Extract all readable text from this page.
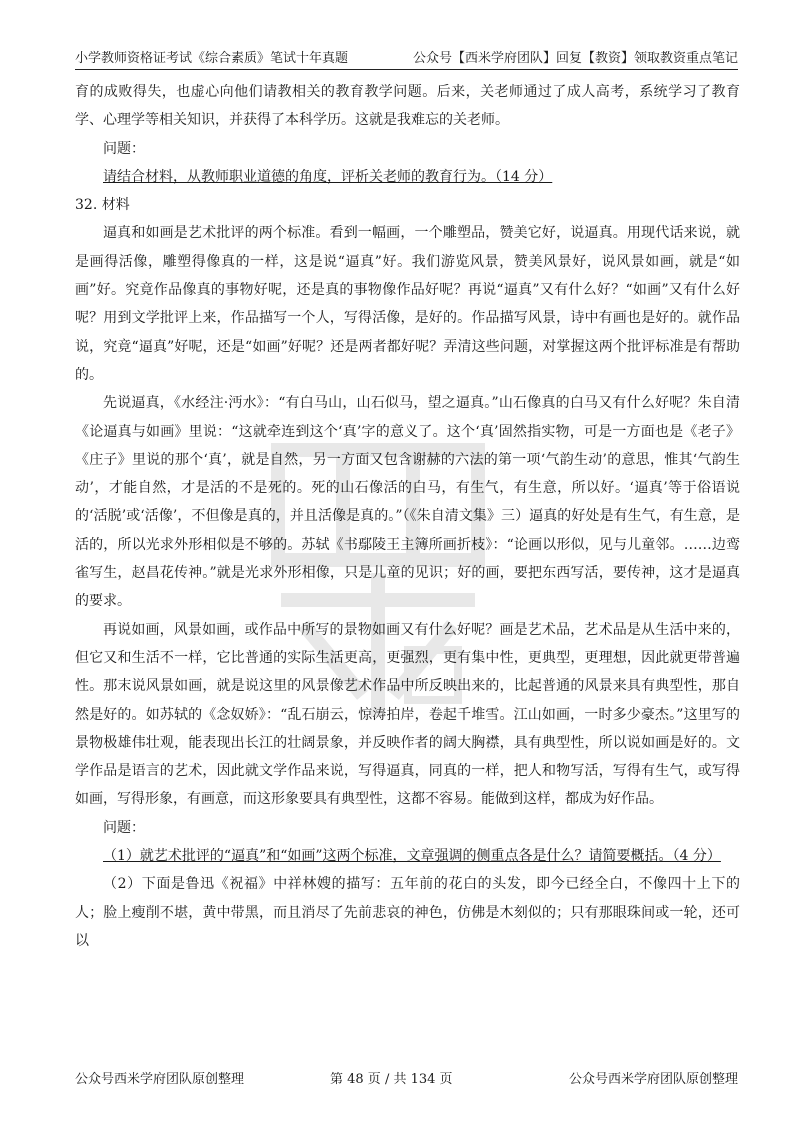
小学教师资格证考试《综合素质》笔试十年真题	公众号【西米学府团队】回复【教资】领取教资重点笔记

育的成败得失，也虚心向他们请教相关的教育教学问题。后来，关老师通过了成人高考，系统学习了教育学、心理学等相关知识，并获得了本科学历。这就是我难忘的关老师。

问题：

请结合材料，从教师职业道德的角度，评析关老师的教育行为。（14 分）

32. 材料

逼真和如画是艺术批评的两个标准。看到一幅画，一个雕塑品，赞美它好，说逼真。用现代话来说，就是画得活像，雕塑得像真的一样，这是说“逼真”好。我们游览风景，赞美风景好，说风景如画，就是“如画”好。究竟作品像真的事物好呢，还是真的事物像作品好呢？再说“逼真”又有什么好？“如画”又有什么好呢？用到文学批评上来，作品描写一个人，写得活像，是好的。作品描写风景，诗中有画也是好的。就作品说，究竟“逼真”好呢，还是“如画”好呢？还是两者都好呢？弄清这些问题，对掌握这两个批评标准是有帮助的。

先说逼真，《水经注·沔水》：“有白马山，山石似马，望之逼真。”山石像真的白马又有什么好呢？朱自清《论逼真与如画》里说：“这就牵连到这个‘真’字的意义了。这个‘真’固然指实物，可是一方面也是《老子》《庄子》里说的那个‘真’，就是自然，另一方面又包含谢赫的六法的第一项‘气韵生动’的意思，惟其‘气韵生动’，才能自然，才是活的不是死的。死的山石像活的白马，有生气，有生意，所以好。‘逼真’等于俗语说的‘活脱’或‘活像’，不但像是真的，并且活像是真的。”（《朱自清文集》三）逼真的好处是有生气，有生意，是活的，所以光求外形相似是不够的。苏轼《书鄢陵王主簿所画折枝》：“论画以形似，见与儿童邻。……边鸾雀写生，赵昌花传神。”就是光求外形相像，只是儿童的见识；好的画，要把东西写活，要传神，这才是逼真的要求。

再说如画，风景如画，或作品中所写的景物如画又有什么好呢？画是艺术品，艺术品是从生活中来的，但它又和生活不一样，它比普通的实际生活更高，更强烈，更有集中性，更典型，更理想，因此就更带普遍性。那末说风景如画，就是说这里的风景像艺术作品中所反映出来的，比起普通的风景来具有典型性，那自然是好的。如苏轼的《念奴娇》：“乱石崩云，惊涛拍岸，卷起千堆雪。江山如画，一时多少豪杰。”这里写的景物极雄伟壮观，能表现出长江的壮阔景象，并反映作者的阔大胸襟，具有典型性，所以说如画是好的。文学作品是语言的艺术，因此就文学作品来说，写得逼真，同真的一样，把人和物写活，写得有生气，或写得如画，写得形象，有画意，而这形象要具有典型性，这都不容易。能做到这样，都成为好作品。

问题：

（1）就艺术批评的“逼真”和“如画”这两个标准，文章强调的侧重点各是什么？请简要概括。（4 分）

（2）下面是鲁迅《祝福》中祥林嫂的描写：五年前的花白的头发，即今已经全白，不像四十上下的人；脸上瘦削不堪，黄中带黑，而且消尽了先前悲哀的神色，仿佛是木刻似的；只有那眼珠间或一轮，还可以

公众号西米学府团队原创整理	第 48 页 / 共 134 页	公众号西米学府团队原创整理
